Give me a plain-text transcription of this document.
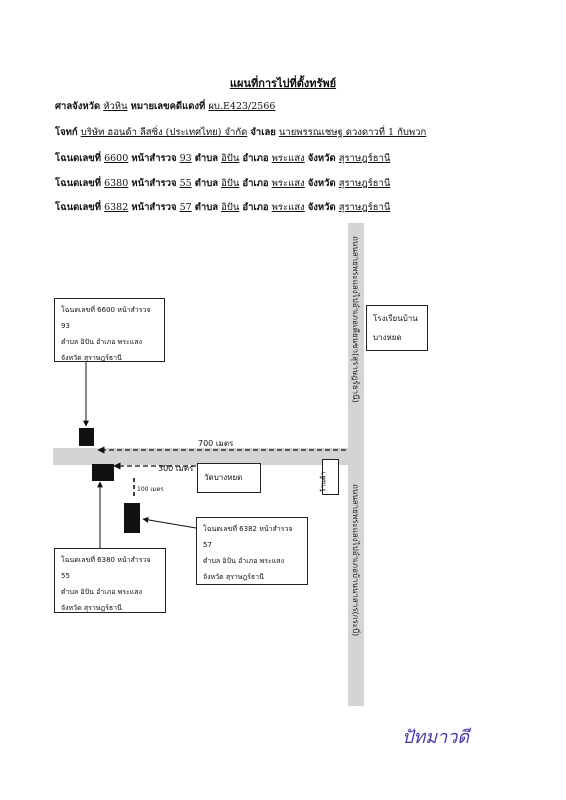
แผนที่การไปที่ตั้งทรัพย์
ศาลจังหวัด หัวหิน หมายเลขคดีแดงที่ ผบ.E423/2566
โจทก์ บริษัท ฮอนด้า ลีสซิ่ง (ประเทศไทย) จำกัด จำเลย นายพรรณเชษฐ ดวงดาวที่ 1 กับพวก
โฉนดเลขที่ 6600 หน้าสำรวจ 93 ตำบล อิปัน อำเภอ พระแสง จังหวัด สุราษฎร์ธานี
โฉนดเลขที่ 6380 หน้าสำรวจ 55 ตำบล อิปัน อำเภอ พระแสง จังหวัด สุราษฎร์ธานี
โฉนดเลขที่ 6382 หน้าสำรวจ 57 ตำบล อิปัน อำเภอ พระแสง จังหวัด สุราษฎร์ธานี
ถนนสายพระแสงไปอำเภอเคียนซา(สุราษฎร์ธานี)
ถนนสายพระแสงไปอำเภอบ้านนาสาร(กระบี่)
700 เมตร
300 เมตร
100 เมตร
โรงเรียนบ้าน
บางหยด
วัดบางหยด	ร้านค้า
โฉนดเลขที่ 6600 หน้าสำรวจ 93
ตำบล อิปัน อำเภอ พระแสง
จังหวัด สุราษฎร์ธานี
โฉนดเลขที่ 6382 หน้าสำรวจ 57
ตำบล อิปัน อำเภอ พระแสง
จังหวัด สุราษฎร์ธานี
โฉนดเลขที่ 6380 หน้าสำรวจ 55
ตำบล อิปัน อำเภอ พระแสง
จังหวัด สุราษฎร์ธานี
ปัทมาวดี
